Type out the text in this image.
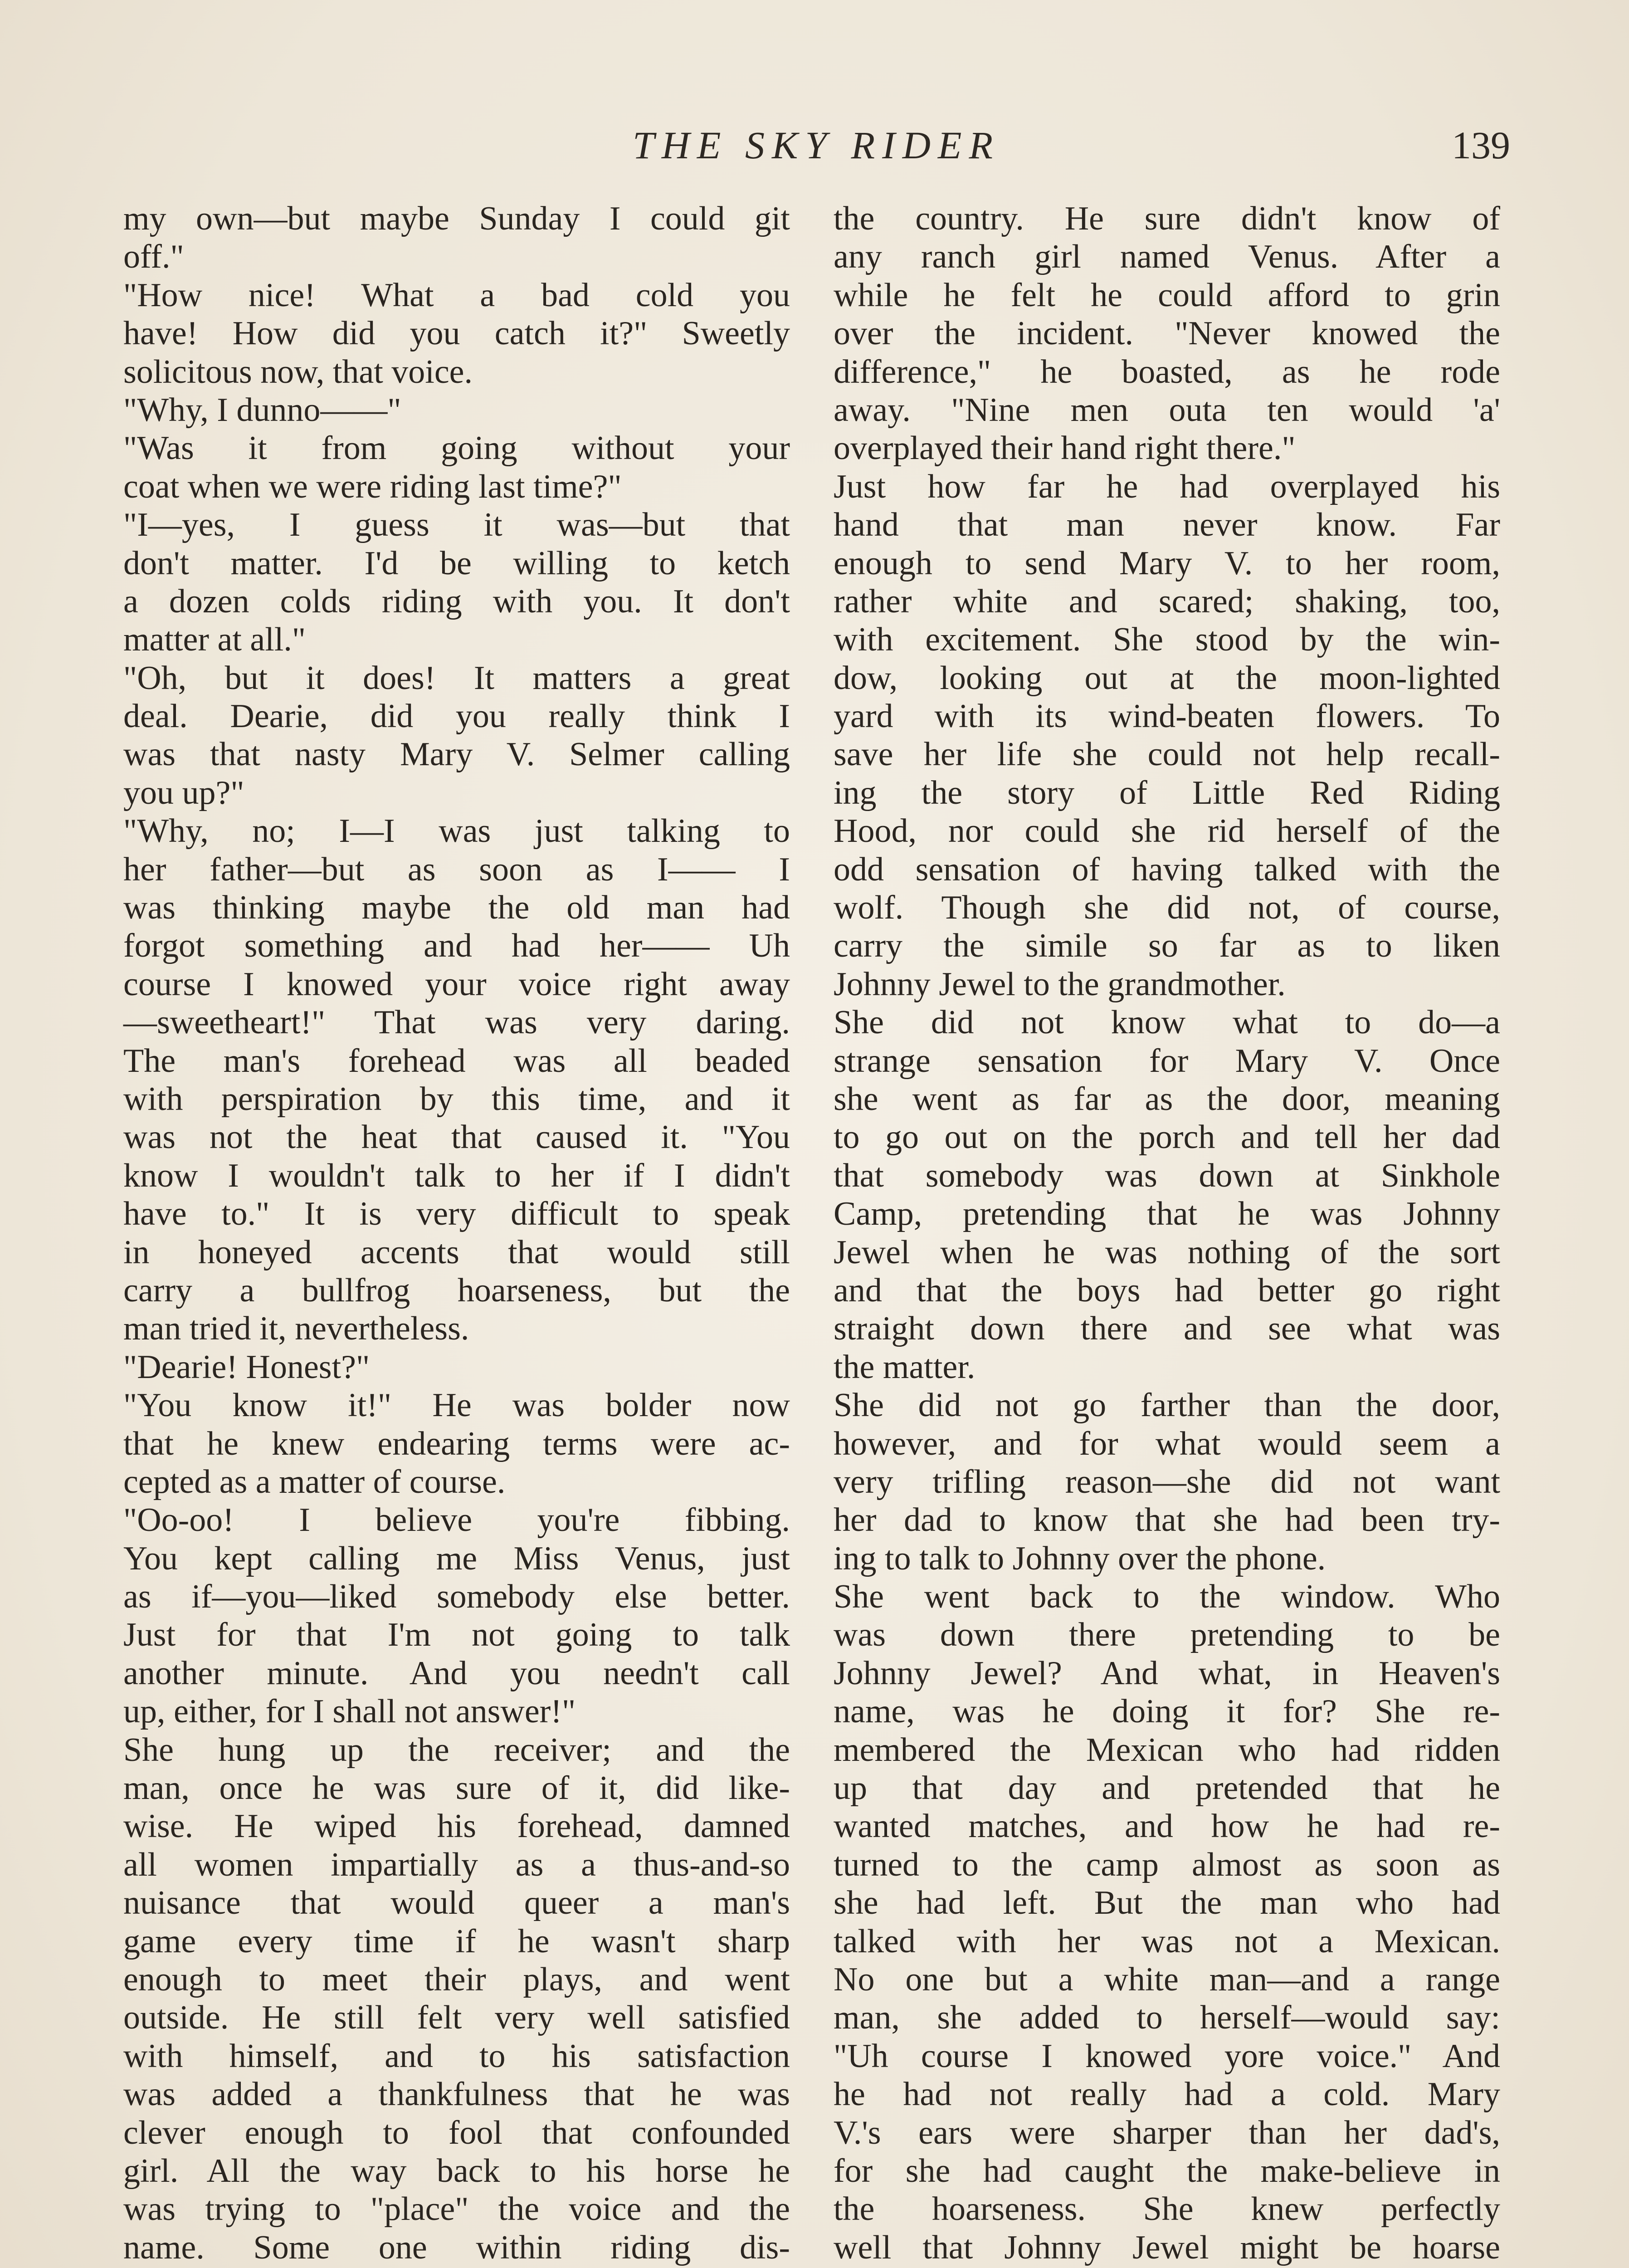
THE SKY RIDER	139
my own—but maybe Sunday I could git
off."
"How nice! What a bad cold you
have! How did you catch it?" Sweetly
solicitous now, that voice.
"Why, I dunno——"
"Was it from going without your
coat when we were riding last time?"
"I—yes, I guess it was—but that
don't matter. I'd be willing to ketch
a dozen colds riding with you. It don't
matter at all."
"Oh, but it does! It matters a great
deal. Dearie, did you really think I
was that nasty Mary V. Selmer calling
you up?"
"Why, no; I—I was just talking to
her father—but as soon as I—— I
was thinking maybe the old man had
forgot something and had her—— Uh
course I knowed your voice right away
—sweetheart!" That was very daring.
The man's forehead was all beaded
with perspiration by this time, and it
was not the heat that caused it. "You
know I wouldn't talk to her if I didn't
have to." It is very difficult to speak
in honeyed accents that would still
carry a bullfrog hoarseness, but the
man tried it, nevertheless.
"Dearie! Honest?"
"You know it!" He was bolder now
that he knew endearing terms were ac-
cepted as a matter of course.
"Oo-oo! I believe you're fibbing.
You kept calling me Miss Venus, just
as if—you—liked somebody else better.
Just for that I'm not going to talk
another minute. And you needn't call
up, either, for I shall not answer!"
She hung up the receiver; and the
man, once he was sure of it, did like-
wise. He wiped his forehead, damned
all women impartially as a thus-and-so
nuisance that would queer a man's
game every time if he wasn't sharp
enough to meet their plays, and went
outside. He still felt very well satisfied
with himself, and to his satisfaction
was added a thankfulness that he was
clever enough to fool that confounded
girl. All the way back to his horse he
was trying to "place" the voice and the
name. Some one within riding dis-
the country. He sure didn't know of
any ranch girl named Venus. After a
while he felt he could afford to grin
over the incident. "Never knowed the
difference," he boasted, as he rode
away. "Nine men outa ten would 'a'
overplayed their hand right there."
Just how far he had overplayed his
hand that man never know. Far
enough to send Mary V. to her room,
rather white and scared; shaking, too,
with excitement. She stood by the win-
dow, looking out at the moon-lighted
yard with its wind-beaten flowers. To
save her life she could not help recall-
ing the story of Little Red Riding
Hood, nor could she rid herself of the
odd sensation of having talked with the
wolf. Though she did not, of course,
carry the simile so far as to liken
Johnny Jewel to the grandmother.
She did not know what to do—a
strange sensation for Mary V. Once
she went as far as the door, meaning
to go out on the porch and tell her dad
that somebody was down at Sinkhole
Camp, pretending that he was Johnny
Jewel when he was nothing of the sort
and that the boys had better go right
straight down there and see what was
the matter.
She did not go farther than the door,
however, and for what would seem a
very trifling reason—she did not want
her dad to know that she had been try-
ing to talk to Johnny over the phone.
She went back to the window. Who
was down there pretending to be
Johnny Jewel? And what, in Heaven's
name, was he doing it for? She re-
membered the Mexican who had ridden
up that day and pretended that he
wanted matches, and how he had re-
turned to the camp almost as soon as
she had left. But the man who had
talked with her was not a Mexican.
No one but a white man—and a range
man, she added to herself—would say:
"Uh course I knowed yore voice." And
he had not really had a cold. Mary
V.'s ears were sharper than her dad's,
for she had caught the make-believe in
the hoarseness. She knew perfectly
well that Johnny Jewel might be hoarse
